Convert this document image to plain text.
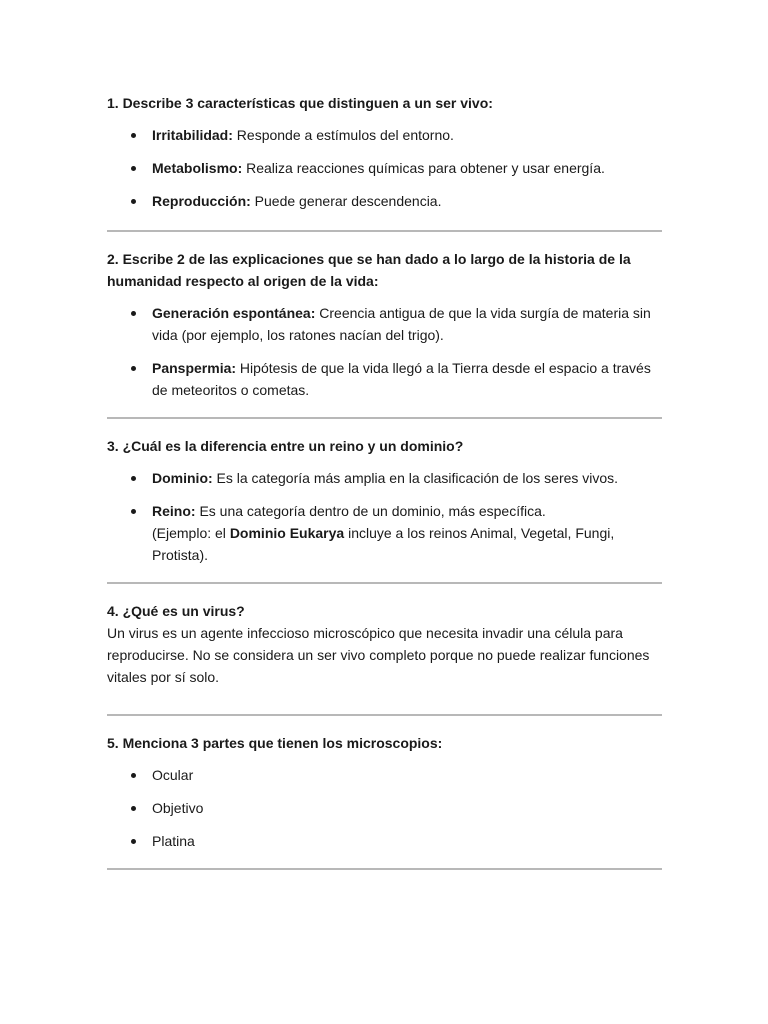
1. Describe 3 características que distinguen a un ser vivo:

Irritabilidad: Responde a estímulos del entorno.
Metabolismo: Realiza reacciones químicas para obtener y usar energía.
Reproducción: Puede generar descendencia.

2. Escribe 2 de las explicaciones que se han dado a lo largo de la historia de la humanidad respecto al origen de la vida:

Generación espontánea: Creencia antigua de que la vida surgía de materia sin vida (por ejemplo, los ratones nacían del trigo).
Panspermia: Hipótesis de que la vida llegó a la Tierra desde el espacio a través de meteoritos o cometas.

3. ¿Cuál es la diferencia entre un reino y un dominio?

Dominio: Es la categoría más amplia en la clasificación de los seres vivos.
Reino: Es una categoría dentro de un dominio, más específica.
(Ejemplo: el Dominio Eukarya incluye a los reinos Animal, Vegetal, Fungi, Protista).

4. ¿Qué es un virus?

Un virus es un agente infeccioso microscópico que necesita invadir una célula para reproducirse. No se considera un ser vivo completo porque no puede realizar funciones vitales por sí solo.

5. Menciona 3 partes que tienen los microscopios:

Ocular
Objetivo
Platina
